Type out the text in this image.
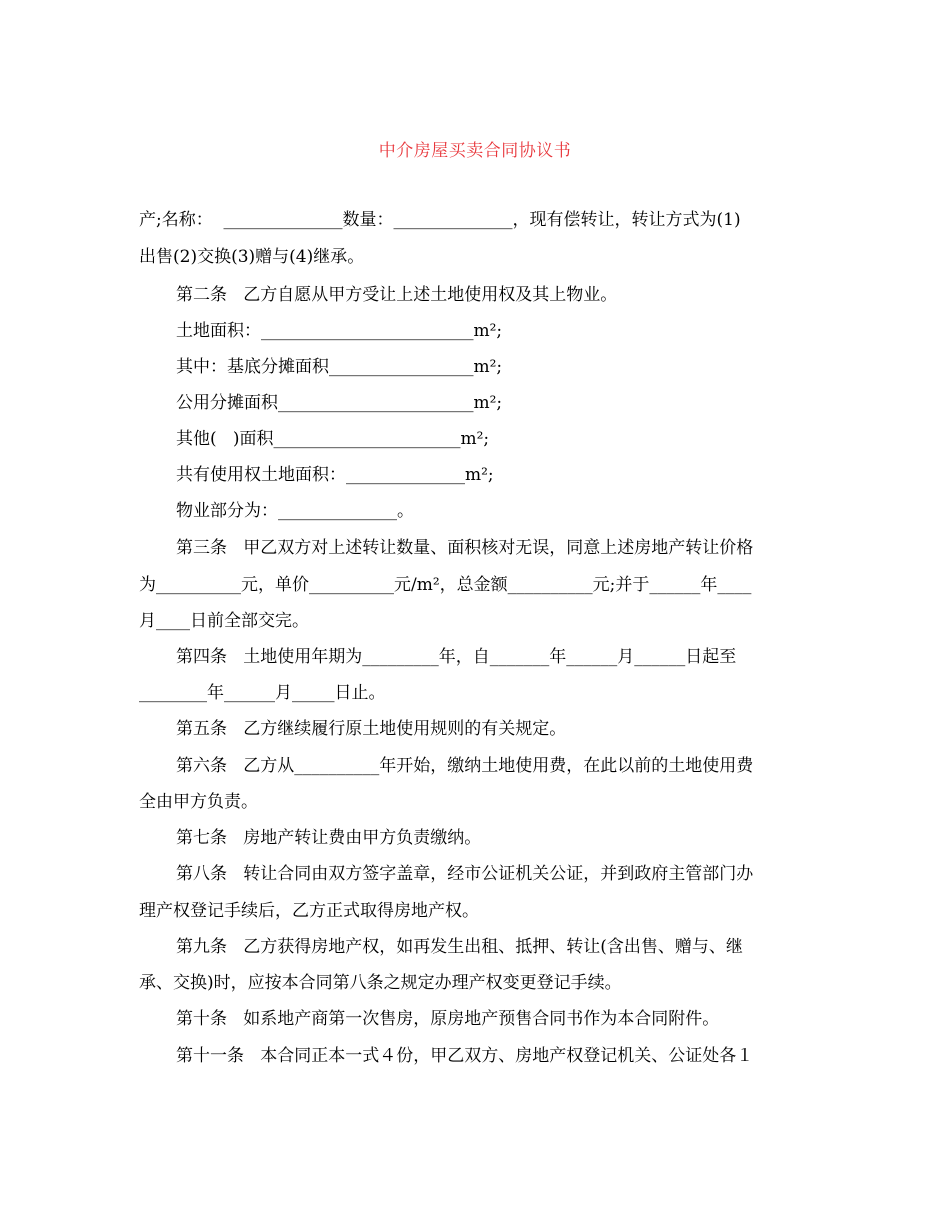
中介房屋买卖合同协议书
产;名称：  ______________数量：______________，现有偿转让，转让方式为(1)
出售(2)交换(3)赠与(4)继承。
第二条   乙方自愿从甲方受让上述土地使用权及其上物业。
土地面积：_________________________m²;
其中：基底分摊面积_________________m²;
公用分摊面积_______________________m²;
其他(   )面积______________________m²;
共有使用权土地面积：______________m²;
物业部分为：______________。
第三条   甲乙双方对上述转让数量、面积核对无误，同意上述房地产转让价格
为__________元，单价__________元/m²，总金额__________元;并于______年____
月____日前全部交完。
第四条   土地使用年期为_________年，自_______年______月______日起至
________年______月_____日止。
第五条   乙方继续履行原土地使用规则的有关规定。
第六条   乙方从__________年开始，缴纳土地使用费，在此以前的土地使用费
全由甲方负责。
第七条   房地产转让费由甲方负责缴纳。
第八条   转让合同由双方签字盖章，经市公证机关公证，并到政府主管部门办
理产权登记手续后，乙方正式取得房地产权。
第九条   乙方获得房地产权，如再发生出租、抵押、转让(含出售、赠与、继
承、交换)时，应按本合同第八条之规定办理产权变更登记手续。
第十条   如系地产商第一次售房，原房地产预售合同书作为本合同附件。
第十一条   本合同正本一式４份，甲乙双方、房地产权登记机关、公证处各１
